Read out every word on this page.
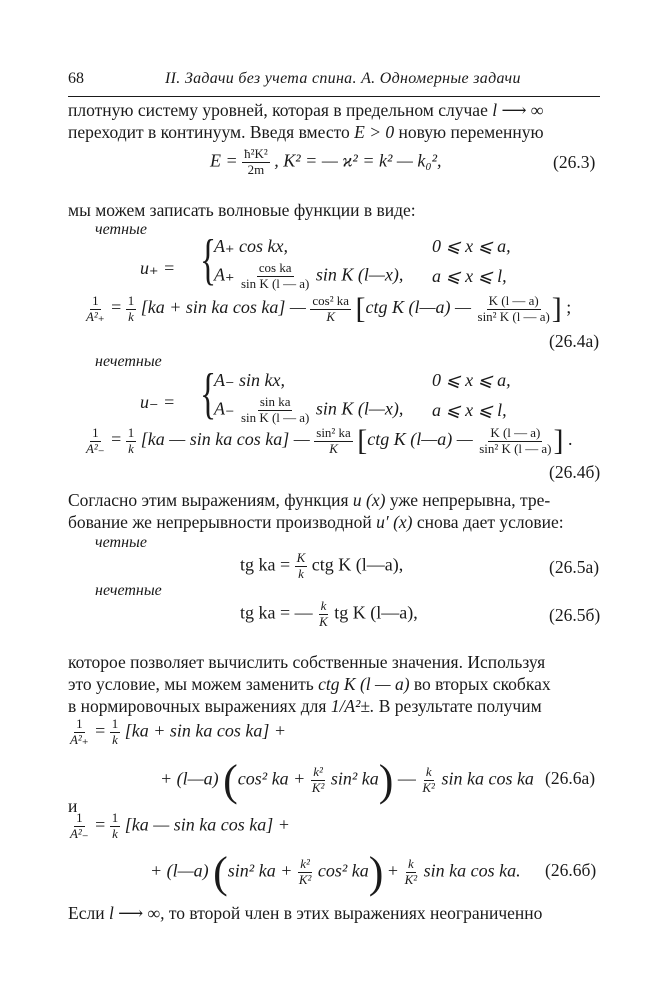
68	II. Задачи без учета спина. А. Одномерные задачи
плотную систему уровней, которая в предельном случае l ⟶ ∞
переходит в континуум. Введя вместо E > 0 новую переменную
$E = \frac{\text{ħ²K²}}{2m}$ , K² = — ϰ² = k² — k₀²,	(26.3)
мы можем записать волновые функции в виде:
четные
u₊ = {
A₊ cos kx,	0 ⩽ x ⩽ a,
$A_+ \frac{\text{cos ka}}{\text{sin K (l — a)}}$ sin K (l—x), a ⩽ x ⩽ l,
$\frac{1}{\text{A²₊}} = \frac{1}{k} [ka + \sin$ ka cos ka] — $\frac{\text{cos² ka}}{K} [ctg$ K (l—a) — $\frac{K (l — a)}{\text{sin² K (l — a)}}$ ] ;
(26.4а)
нечетные
u₋ = {
A₋ sin kx,	0 ⩽ x ⩽ a,
$A_- \frac{\text{sin ka}}{\text{sin K (l — a)}}$ sin K (l—x), a ⩽ x ⩽ l,
$\frac{1}{\text{A²₋}} = \frac{1}{k} [ka$ — sin ka cos ka] — $\frac{\text{sin² ka}}{K} [ctg$ K (l—a) — $\frac{K (l — a)}{\text{sin² K (l — a)}}$ ] .
(26.4б)
Согласно этим выражениям, функция u (x) уже непрерывна, тре-
бование же непрерывности производной u′ (x) снова дает условие:
четные
tg ka = $\frac{K}{k}$ ctg K (l—a),	(26.5а)
нечетные
tg ka = — $\frac{k}{K}$ tg K (l—a),	(26.5б)
которое позволяет вычислить собственные значения. Используя
это условие, мы можем заменить ctg K (l — a) во вторых скобках
в нормировочных выражениях для 1/A²±. В результате получим
$\frac{1}{\text{A²₊}} = \frac{1}{k} [ka + \sin$ ka cos ka] +
+ (l—a) (cos² ka + $\frac{\text{k²}}{\text{K²}} \sin^2$ ka) — $\frac{k}{\text{K²}}$ sin ka cos ka (26.6а)
и
$\frac{1}{\text{A²₋}} = \frac{1}{k} [ka$ — sin ka cos ka] +
+ (l—a) (sin² ka + $\frac{\text{k²}}{\text{K²}} \cos^2$ $ka) + \frac{k}{\text{K²}}$ sin ka cos ka. (26.6б)
Если l ⟶ ∞, то второй член в этих выражениях неограниченно
